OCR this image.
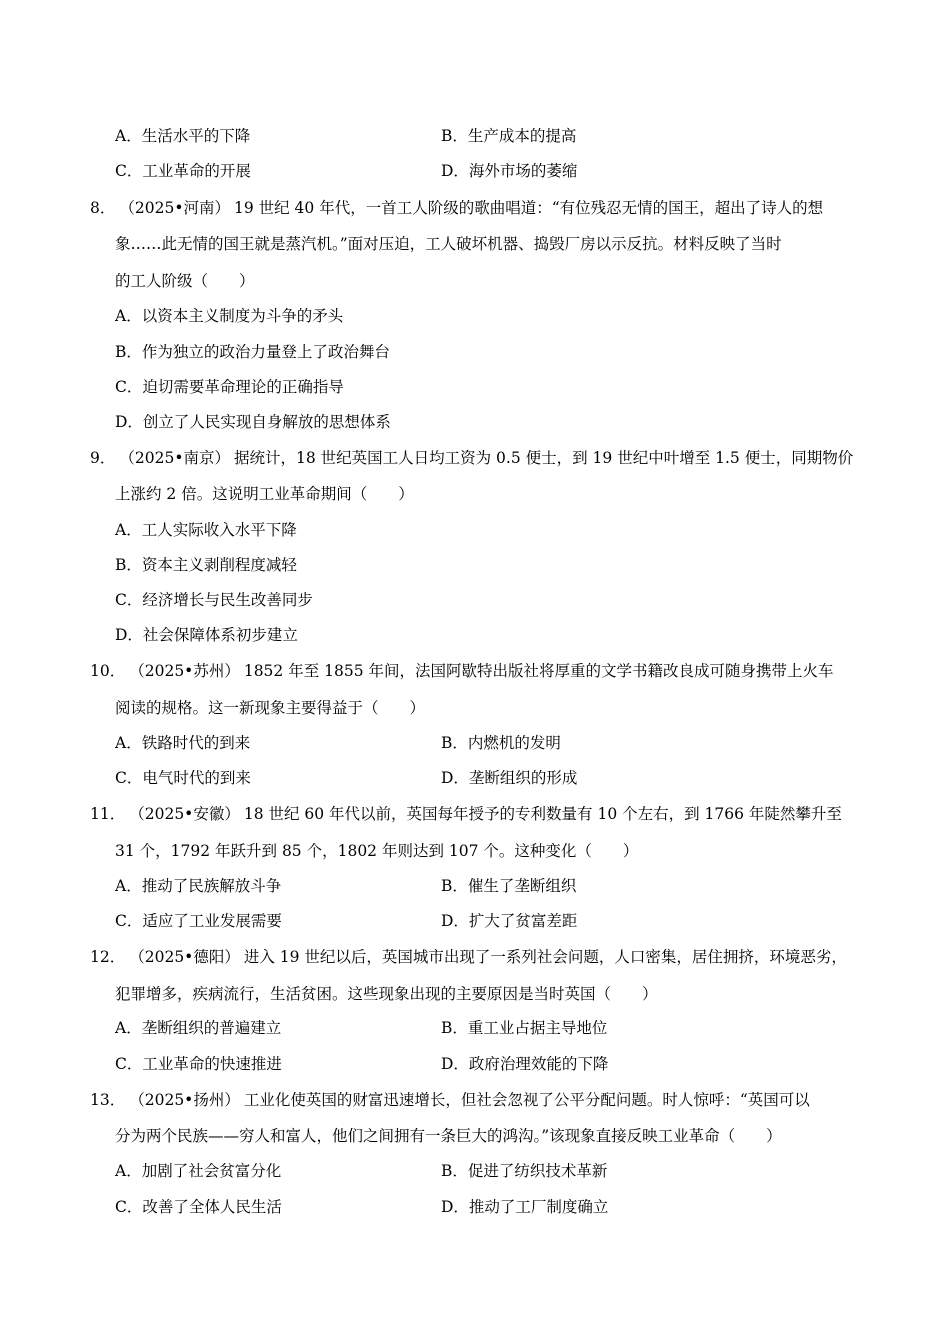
A．生活水平的下降	B．生产成本的提高
C．工业革命的开展	D．海外市场的萎缩
8． （2025•河南） 19 世纪 40 年代，一首工人阶级的歌曲唱道：“有位残忍无情的国王，超出了诗人的想
象……此无情的国王就是蒸汽机。”面对压迫，工人破坏机器、捣毁厂房以示反抗。材料反映了当时
的工人阶级（　　）
A．以资本主义制度为斗争的矛头
B．作为独立的政治力量登上了政治舞台
C．迫切需要革命理论的正确指导
D．创立了人民实现自身解放的思想体系
9． （2025•南京） 据统计，18 世纪英国工人日均工资为 0.5 便士，到 19 世纪中叶增至 1.5 便士，同期物价
上涨约 2 倍。这说明工业革命期间（　　）
A．工人实际收入水平下降
B．资本主义剥削程度减轻
C．经济增长与民生改善同步
D．社会保障体系初步建立
10． （2025•苏州） 1852 年至 1855 年间，法国阿歇特出版社将厚重的文学书籍改良成可随身携带上火车
阅读的规格。这一新现象主要得益于（　　）
A．铁路时代的到来	B．内燃机的发明
C．电气时代的到来	D．垄断组织的形成
11． （2025•安徽） 18 世纪 60 年代以前，英国每年授予的专利数量有 10 个左右，到 1766 年陡然攀升至
31 个，1792 年跃升到 85 个，1802 年则达到 107 个。这种变化（　　）
A．推动了民族解放斗争	B．催生了垄断组织
C．适应了工业发展需要	D．扩大了贫富差距
12． （2025•德阳） 进入 19 世纪以后，英国城市出现了一系列社会问题，人口密集，居住拥挤，环境恶劣，
犯罪增多，疾病流行，生活贫困。这些现象出现的主要原因是当时英国（　　）
A．垄断组织的普遍建立	B．重工业占据主导地位
C．工业革命的快速推进	D．政府治理效能的下降
13． （2025•扬州） 工业化使英国的财富迅速增长，但社会忽视了公平分配问题。时人惊呼：“英国可以
分为两个民族——穷人和富人，他们之间拥有一条巨大的鸿沟。”该现象直接反映工业革命（　　）
A．加剧了社会贫富分化	B．促进了纺织技术革新
C．改善了全体人民生活	D．推动了工厂制度确立
